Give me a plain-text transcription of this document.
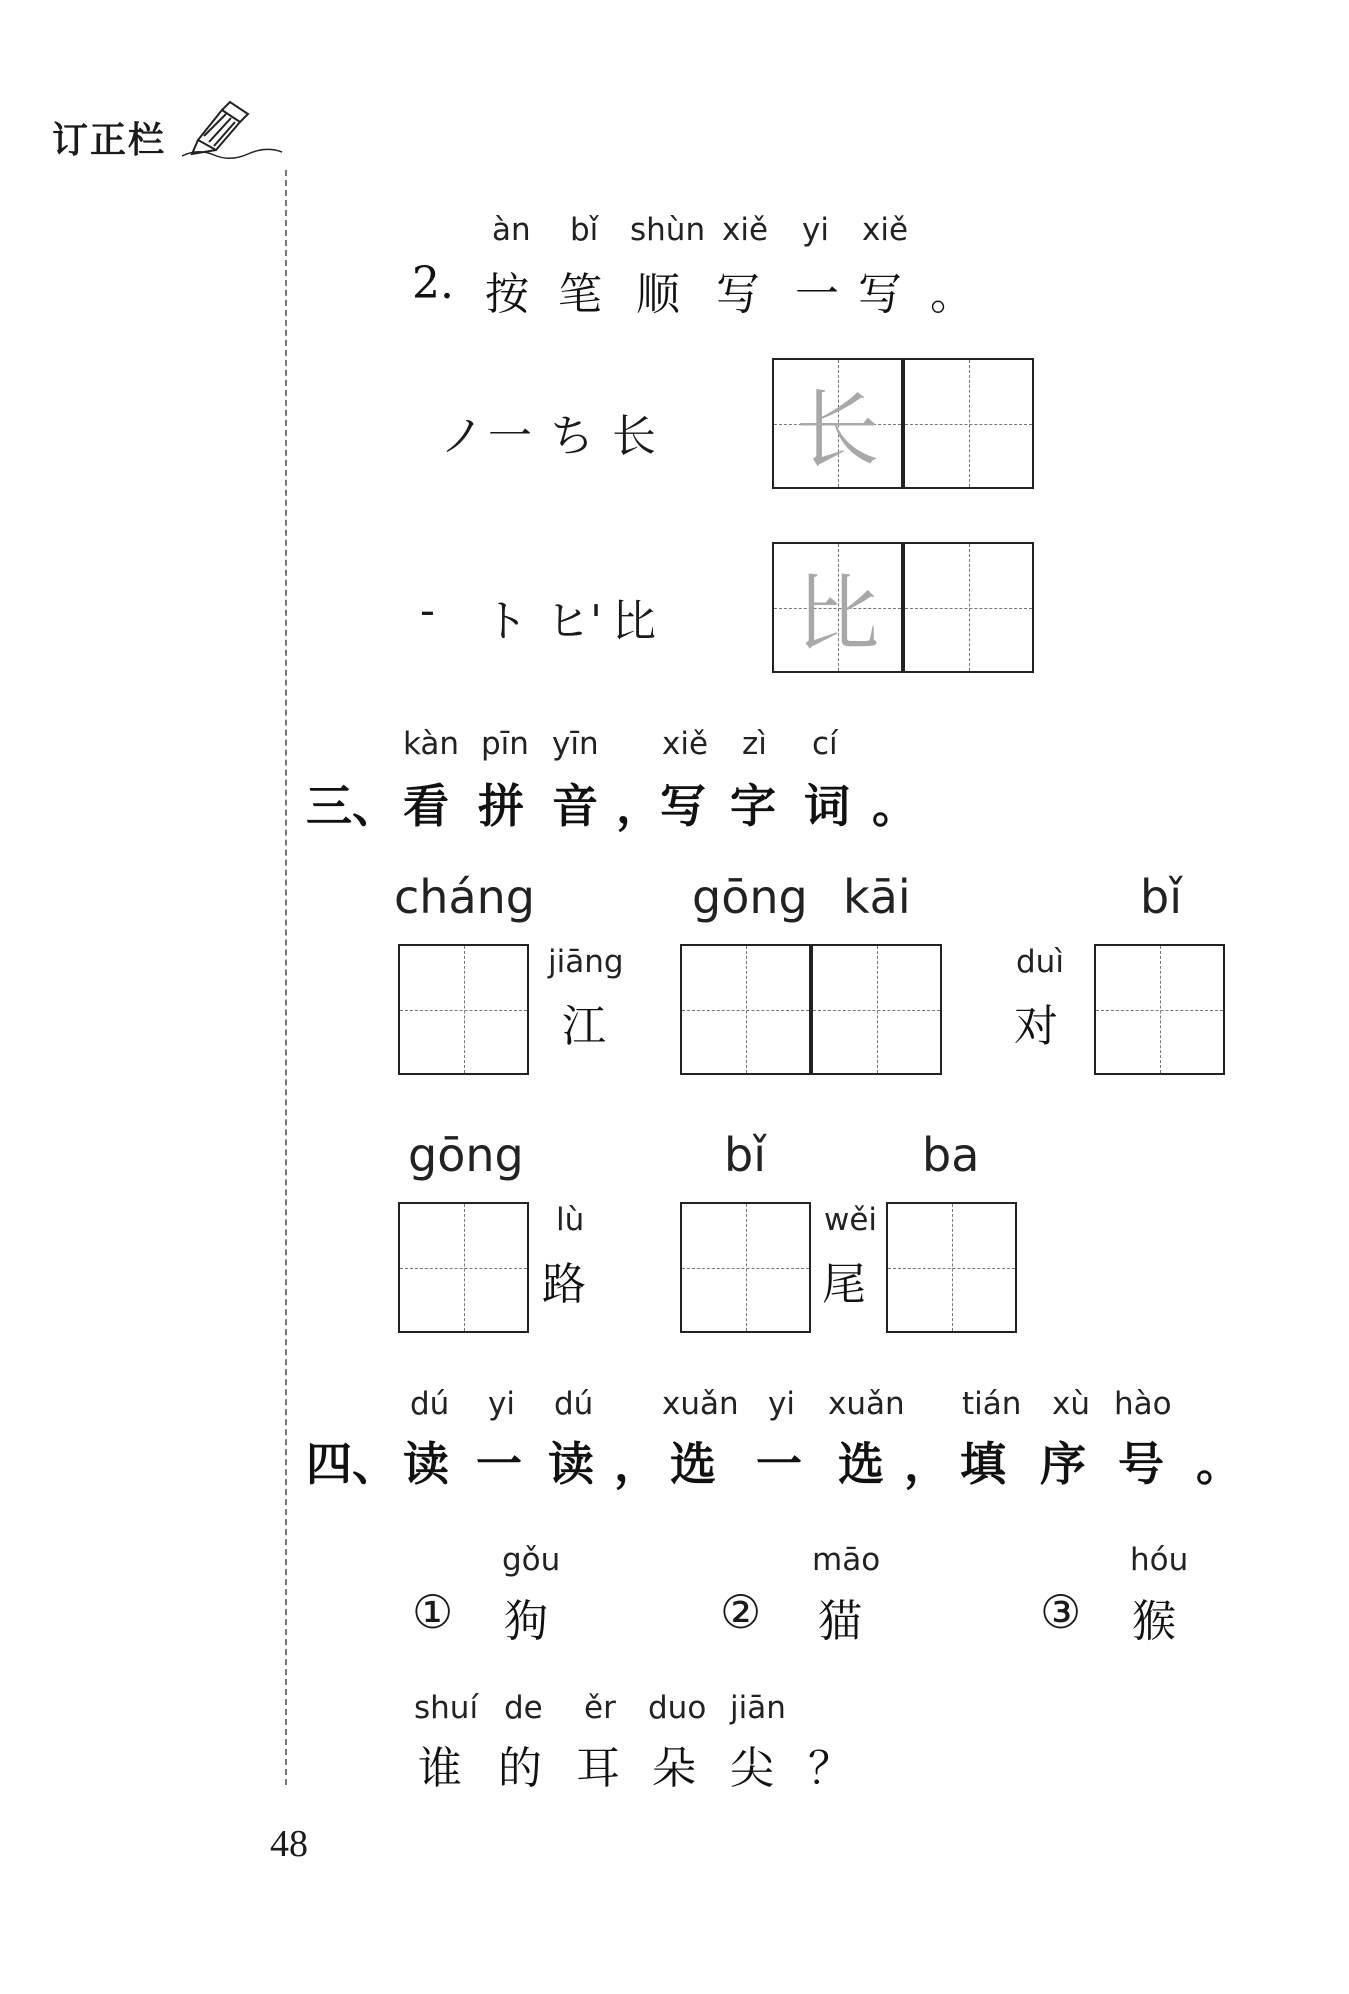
订正栏
àn bǐ shùn xiě yi xiě
2. 按 笔 顺 写 一 写 。
ノ 一 ち 长 长
- ト ヒ' 比 比
kàn pīn yīn xiě zì cí
三、 看 拼 音 ，
写 字 词 。
cháng	gōng kāi	bǐ
jiāng
江
duì
对
gōng	bǐ	ba
lù
路
wěi
尾
dú yi dú xuǎn yi xuǎn tián xù hào
四、 读 一 读 ， 选 一 选 ， 填 序 号 。
gǒu
① 狗
māo
② 猫
hóu
③ 猴
shuí de ěr duo jiān
谁 的 耳 朵 尖 ？
48
